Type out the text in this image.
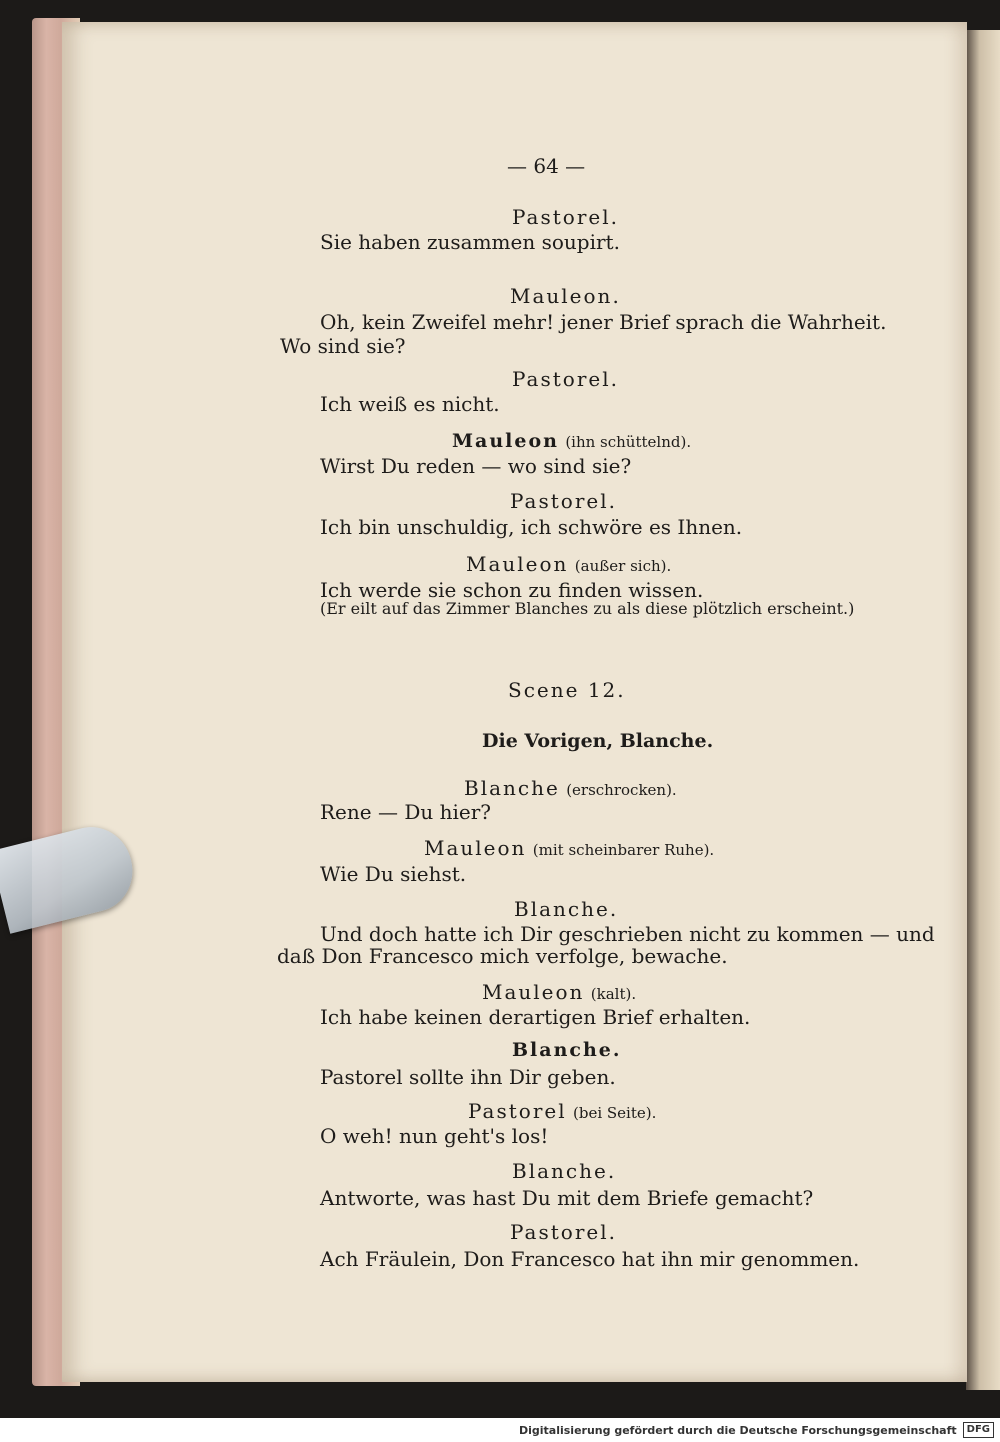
— 64 —
Pastorel.
Sie haben zusammen soupirt.
Mauleon.
Oh, kein Zweifel mehr! jener Brief sprach die Wahrheit.
Wo sind sie?
Pastorel.
Ich weiß es nicht.
Mauleon (ihn schüttelnd).
Wirst Du reden — wo sind sie?
Pastorel.
Ich bin unschuldig, ich schwöre es Ihnen.
Mauleon (außer sich).
Ich werde sie schon zu finden wissen.
(Er eilt auf das Zimmer Blanches zu als diese plötzlich erscheint.)
Scene 12.
Die Vorigen, Blanche.
Blanche (erschrocken).
Rene — Du hier?
Mauleon (mit scheinbarer Ruhe).
Wie Du siehst.
Blanche.
Und doch hatte ich Dir geschrieben nicht zu kommen — und
daß Don Francesco mich verfolge, bewache.
Mauleon (kalt).
Ich habe keinen derartigen Brief erhalten.
Blanche.
Pastorel sollte ihn Dir geben.
Pastorel (bei Seite).
O weh! nun geht's los!
Blanche.
Antworte, was hast Du mit dem Briefe gemacht?
Pastorel.
Ach Fräulein, Don Francesco hat ihn mir genommen.
Digitalisierung gefördert durch die Deutsche Forschungsgemeinschaft	DFG
